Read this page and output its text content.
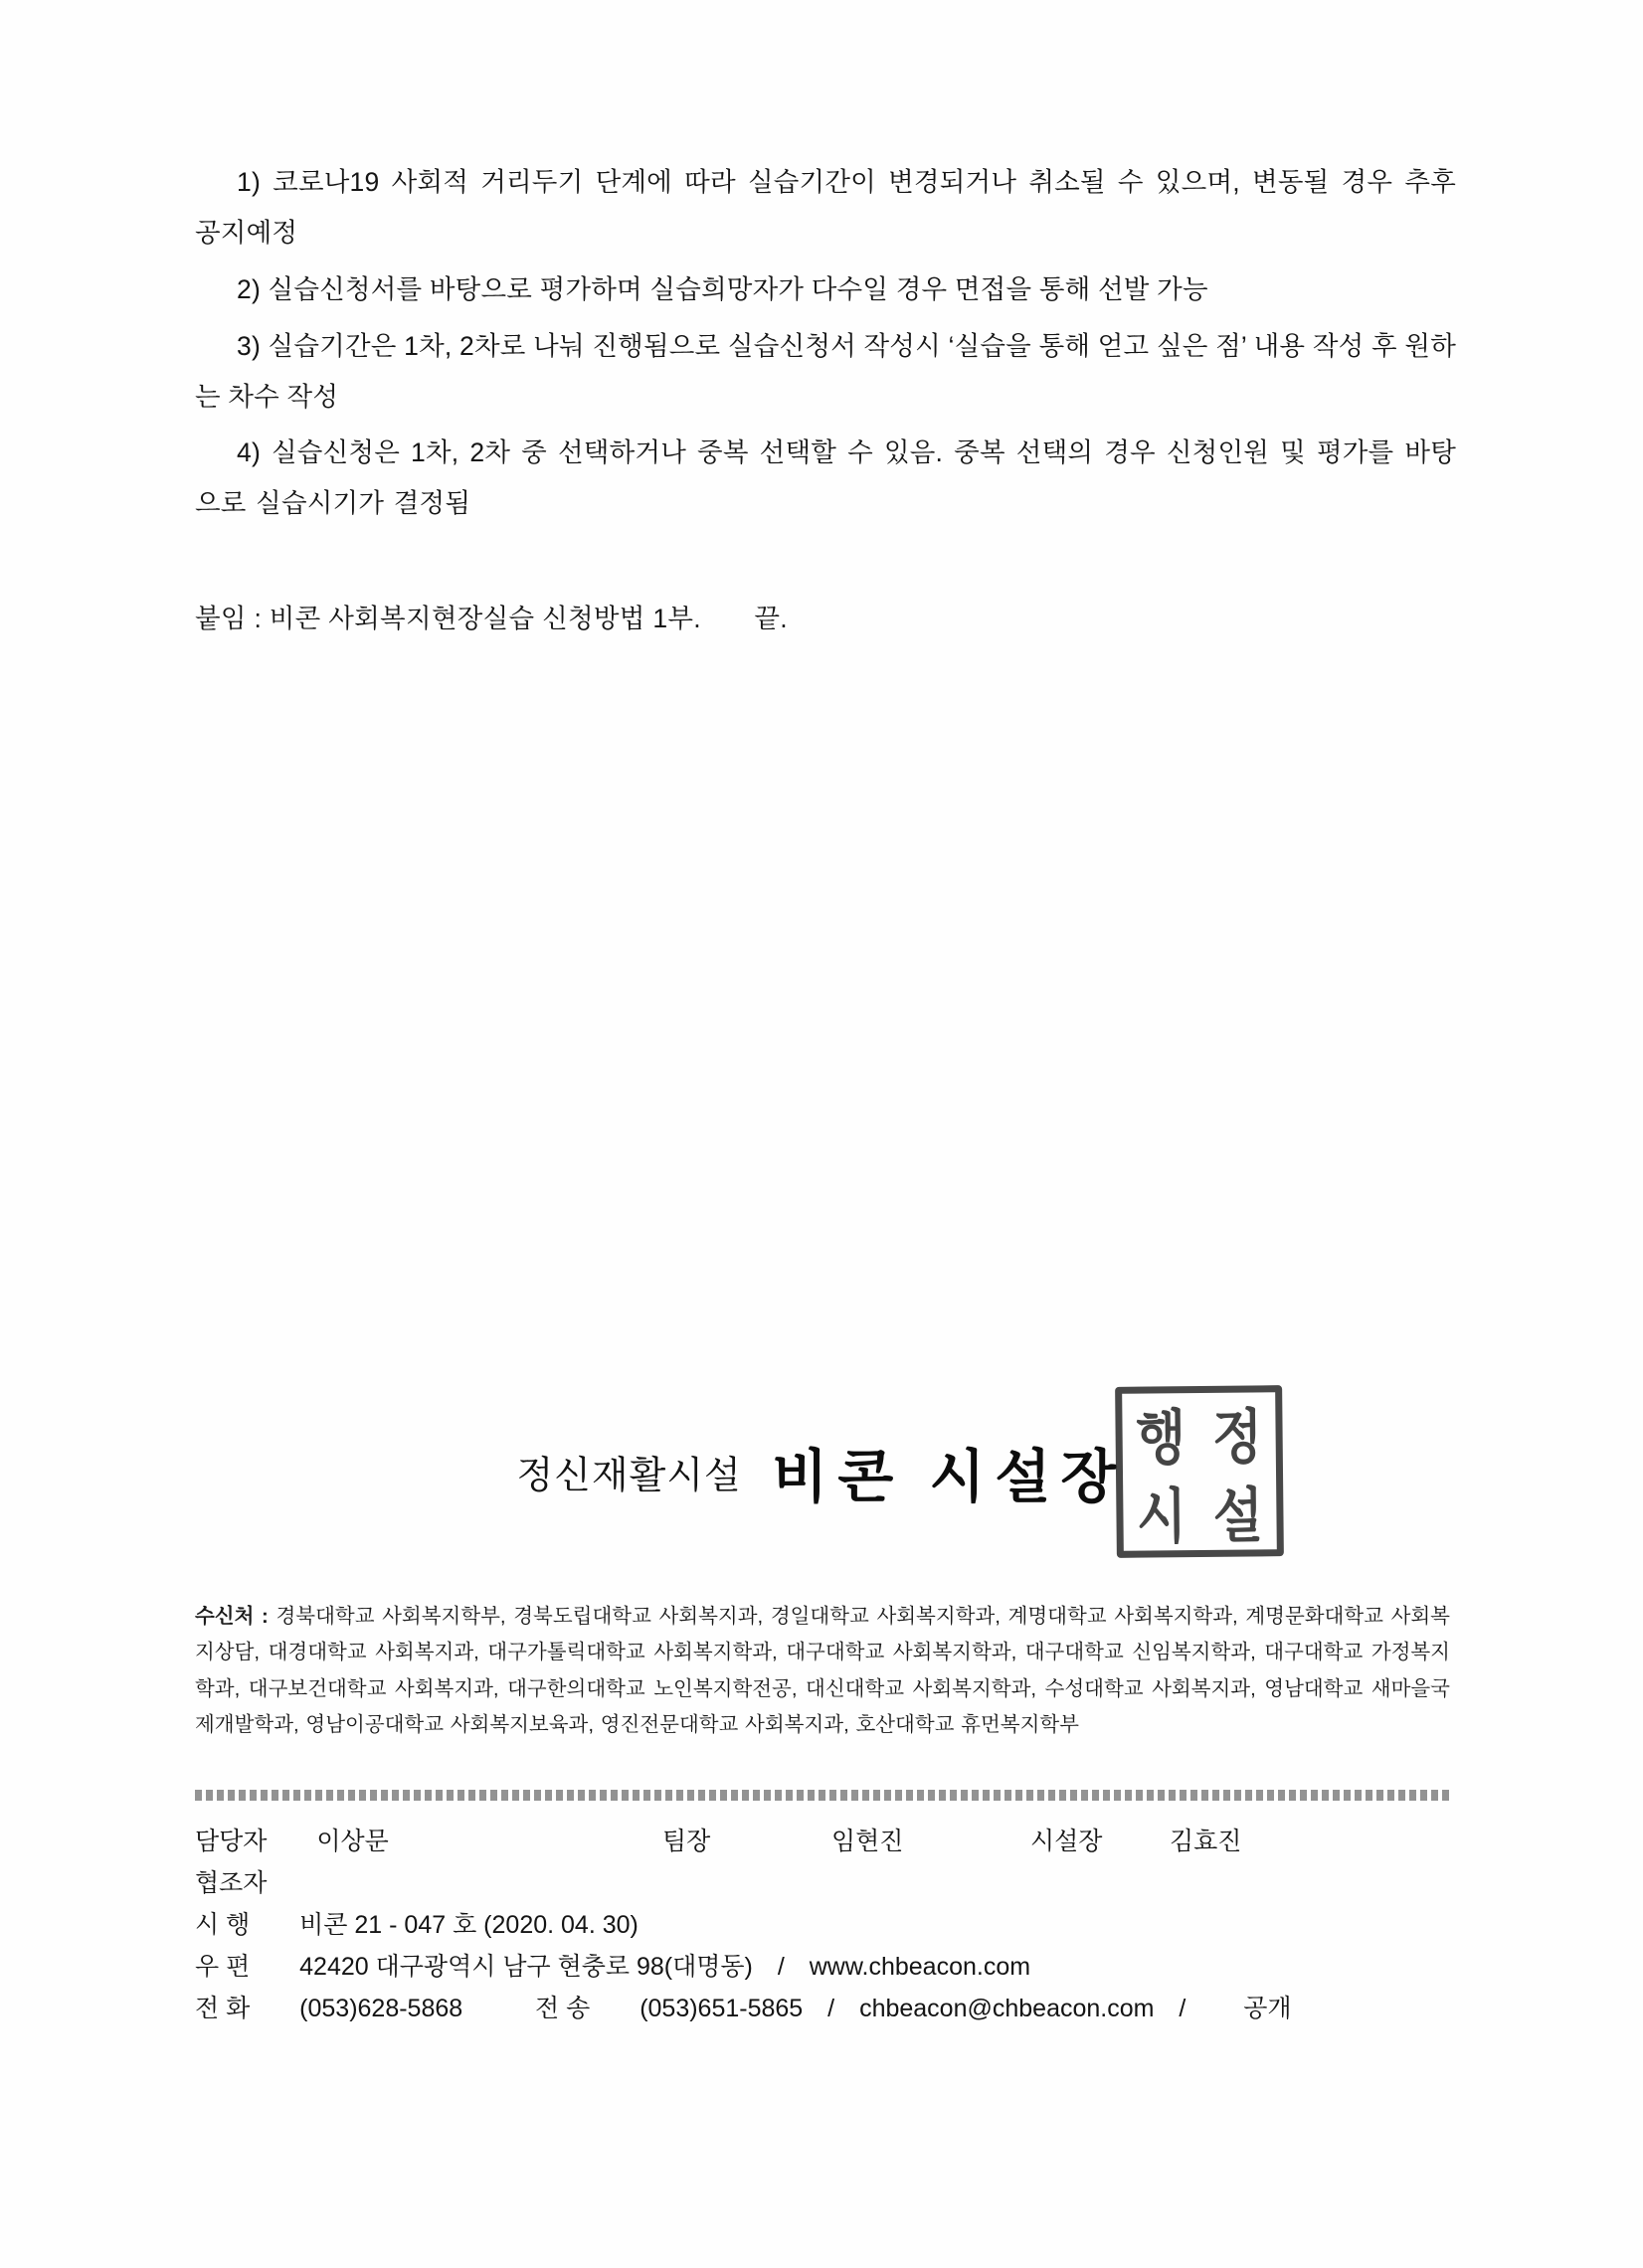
1) 코로나19 사회적 거리두기 단계에 따라 실습기간이 변경되거나 취소될 수 있으며, 변동될 경우 추후 공지예정

2) 실습신청서를 바탕으로 평가하며 실습희망자가 다수일 경우 면접을 통해 선발 가능

3) 실습기간은 1차, 2차로 나눠 진행됨으로 실습신청서 작성시 ‘실습을 통해 얻고 싶은 점’ 내용 작성 후 원하는 차수 작성

4) 실습신청은 1차, 2차 중 선택하거나 중복 선택할 수 있음. 중복 선택의 경우 신청인원 및 평가를 바탕으로 실습시기가 결정됨

붙임 : 비콘 사회복지현장실습 신청방법 1부. 끝.
정신재활시설 비콘 시설장
행 정
시 설
수신처 : 경북대학교 사회복지학부, 경북도립대학교 사회복지과, 경일대학교 사회복지학과, 계명대학교 사회복지학과, 계명문화대학교 사회복지상담, 대경대학교 사회복지과, 대구가톨릭대학교 사회복지학과, 대구대학교 사회복지학과, 대구대학교 신임복지학과, 대구대학교 가정복지학과, 대구보건대학교 사회복지과, 대구한의대학교 노인복지학전공, 대신대학교 사회복지학과, 수성대학교 사회복지과, 영남대학교 새마을국제개발학과, 영남이공대학교 사회복지보육과, 영진전문대학교 사회복지과, 호산대학교 휴먼복지학부
담당자 이상문	팀장	임현진	시설장	김효진
협조자
시 행 비콘 21 - 047 호 (2020. 04. 30)
우 편 42420 대구광역시 남구 현충로 98(대명동) / www.chbeacon.com
전 화 (053)628-5868	전 송 (053)651-5865 / chbeacon@chbeacon.com / 공개
